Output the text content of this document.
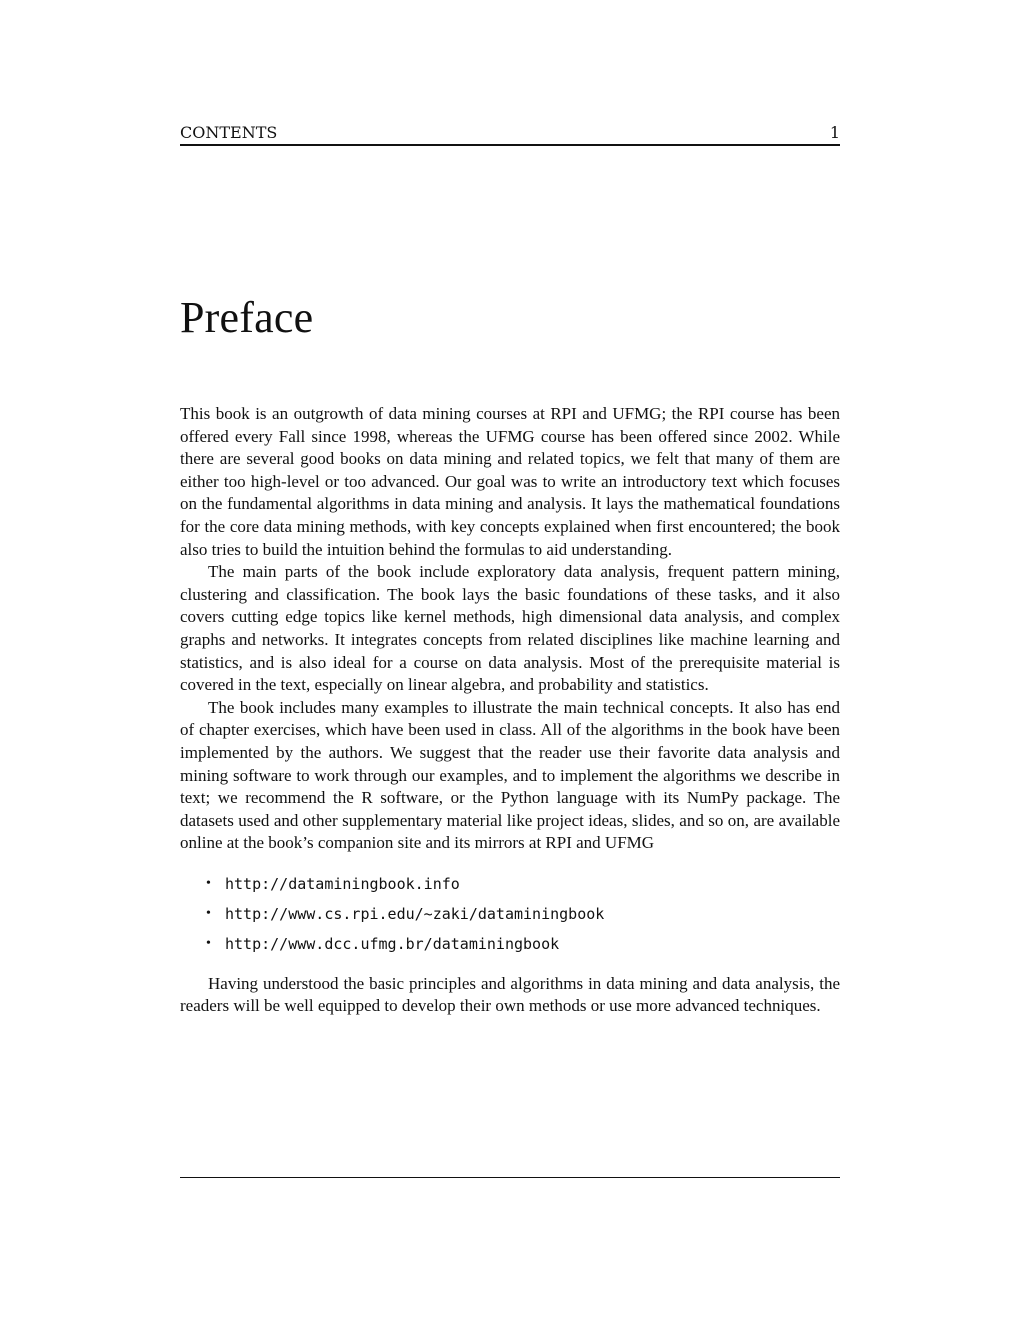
CONTENTS	1
Preface

This book is an outgrowth of data mining courses at RPI and UFMG; the RPI course has been offered every Fall since 1998, whereas the UFMG course has been offered since 2002. While there are several good books on data mining and related topics, we felt that many of them are either too high-level or too advanced. Our goal was to write an introductory text which focuses on the fundamental algorithms in data mining and analysis. It lays the mathematical foundations for the core data mining methods, with key concepts explained when first encountered; the book also tries to build the intuition behind the formulas to aid understanding.

The main parts of the book include exploratory data analysis, frequent pattern mining, clustering and classification. The book lays the basic foundations of these tasks, and it also covers cutting edge topics like kernel methods, high dimensional data analysis, and complex graphs and networks. It integrates concepts from related disciplines like machine learning and statistics, and is also ideal for a course on data analysis. Most of the prerequisite material is covered in the text, especially on linear algebra, and probability and statistics.

The book includes many examples to illustrate the main technical concepts. It also has end of chapter exercises, which have been used in class. All of the algorithms in the book have been implemented by the authors. We suggest that the reader use their favorite data analysis and mining software to work through our examples, and to implement the algorithms we describe in text; we recommend the R software, or the Python language with its NumPy package. The datasets used and other supplementary material like project ideas, slides, and so on, are available online at the book’s companion site and its mirrors at RPI and UFMG

• http://dataminingbook.info
• http://www.cs.rpi.edu/~zaki/dataminingbook
• http://www.dcc.ufmg.br/dataminingbook

Having understood the basic principles and algorithms in data mining and data analysis, the readers will be well equipped to develop their own methods or use more advanced techniques.
